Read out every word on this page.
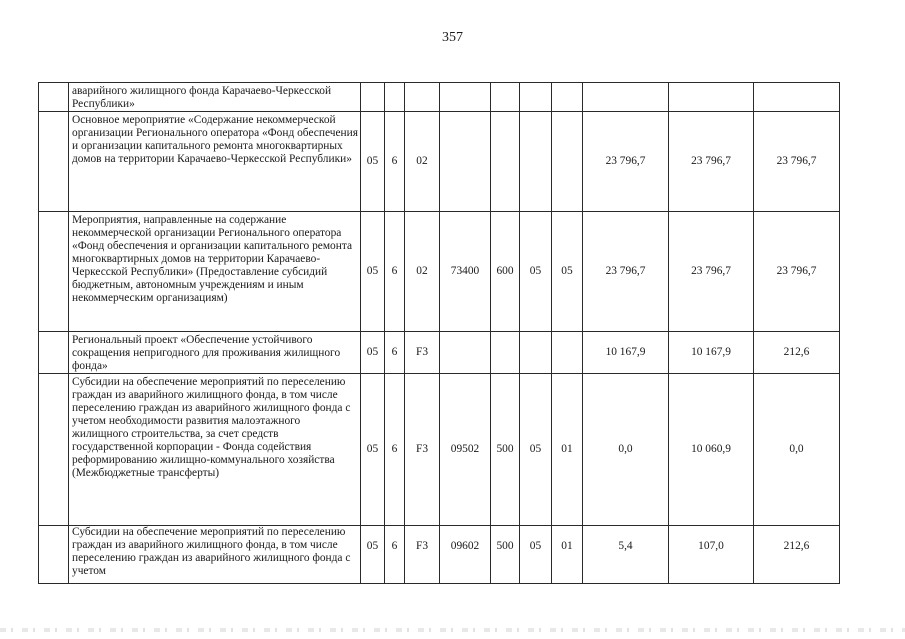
357
	аварийного жилищного фонда Карачаево-Черкесской Республики»										
	Основное мероприятие «Содержание некоммерческой организации Регионального оператора «Фонд обеспечения и организации капитального ремонта многоквартирных домов на территории Карачаево-Черкесской Республики»	05	6	02					23 796,7	23 796,7	23 796,7
	Мероприятия, направленные на содержание некоммерческой организации Регионального оператора «Фонд обеспечения и организации капитального ремонта многоквартирных домов на территории Карачаево-Черкесской Республики» (Предоставление субсидий бюджетным, автономным учреждениям и иным некоммерческим организациям)	05	6	02	73400	600	05	05	23 796,7	23 796,7	23 796,7
	Региональный проект «Обеспечение устойчивого сокращения непригодного для проживания жилищного фонда»	05	6	F3					10 167,9	10 167,9	212,6
	Субсидии на обеспечение мероприятий по переселению граждан из аварийного жилищного фонда, в том числе переселению граждан из аварийного жилищного фонда с учетом необходимости развития малоэтажного жилищного строительства, за счет средств государственной корпорации - Фонда содействия реформированию жилищно-коммунального хозяйства (Межбюджетные трансферты)	05	6	F3	09502	500	05	01	0,0	10 060,9	0,0
	Субсидии на обеспечение мероприятий по переселению граждан из аварийного жилищного фонда, в том числе переселению граждан из аварийного жилищного фонда с учетом	05	6	F3	09602	500	05	01	5,4	107,0	212,6
